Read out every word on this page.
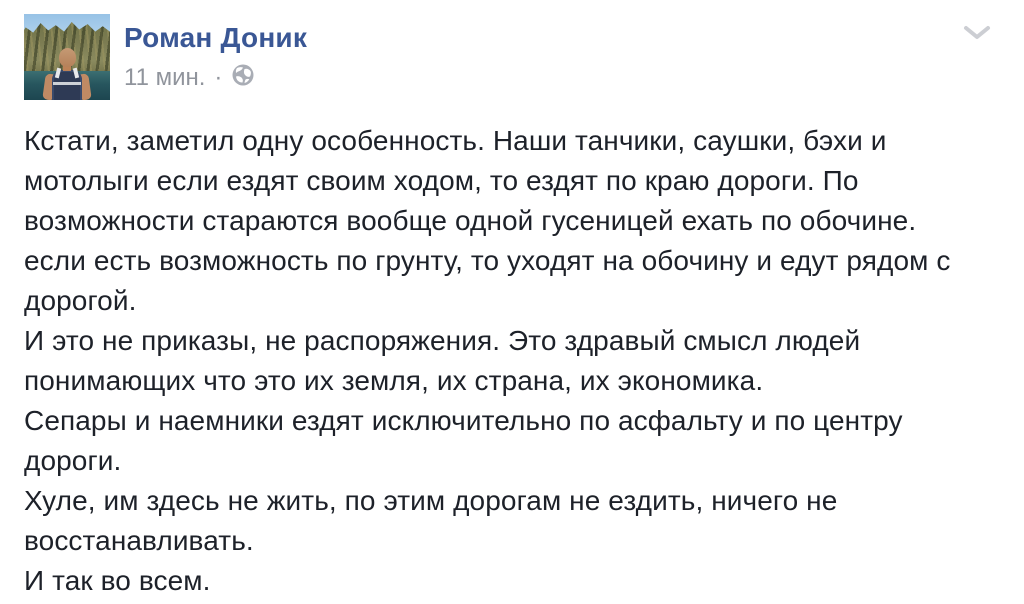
Роман Доник
11 мин. ·
Кстати, заметил одну особенность. Наши танчики, саушки, бэхи и
мотолыги если ездят своим ходом, то ездят по краю дороги. По
возможности стараются вообще одной гусеницей ехать по обочине.
если есть возможность по грунту, то уходят на обочину и едут рядом с
дорогой.
И это не приказы, не распоряжения. Это здравый смысл людей
понимающих что это их земля, их страна, их экономика.
Сепары и наемники ездят исключительно по асфальту и по центру
дороги.
Хуле, им здесь не жить, по этим дорогам не ездить, ничего не
восстанавливать.
И так во всем.
